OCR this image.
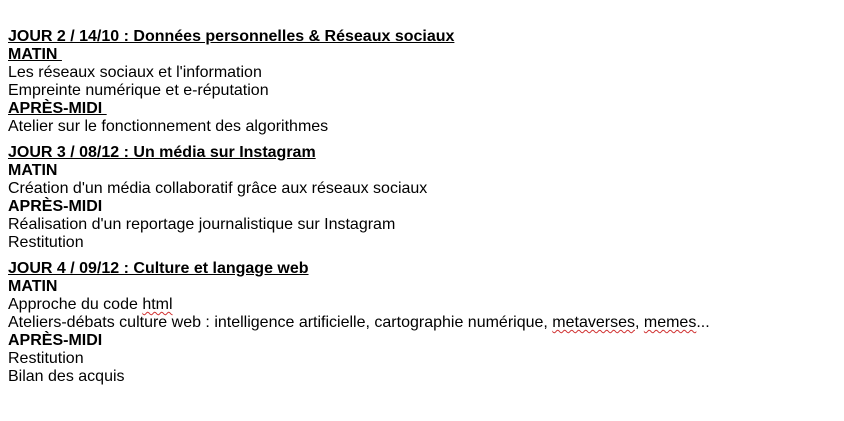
JOUR 2 / 14/10 : Données personnelles & Réseaux sociaux
MATIN
Les réseaux sociaux et l'information
Empreinte numérique et e-réputation
APRÈS-MIDI
Atelier sur le fonctionnement des algorithmes
JOUR 3 / 08/12 : Un média sur Instagram
MATIN
Création d'un média collaboratif grâce aux réseaux sociaux
APRÈS-MIDI
Réalisation d'un reportage journalistique sur Instagram
Restitution
JOUR 4 / 09/12 : Culture et langage web
MATIN
Approche du code html
Ateliers-débats culture web : intelligence artificielle, cartographie numérique, metaverses, memes...
APRÈS-MIDI
Restitution
Bilan des acquis
